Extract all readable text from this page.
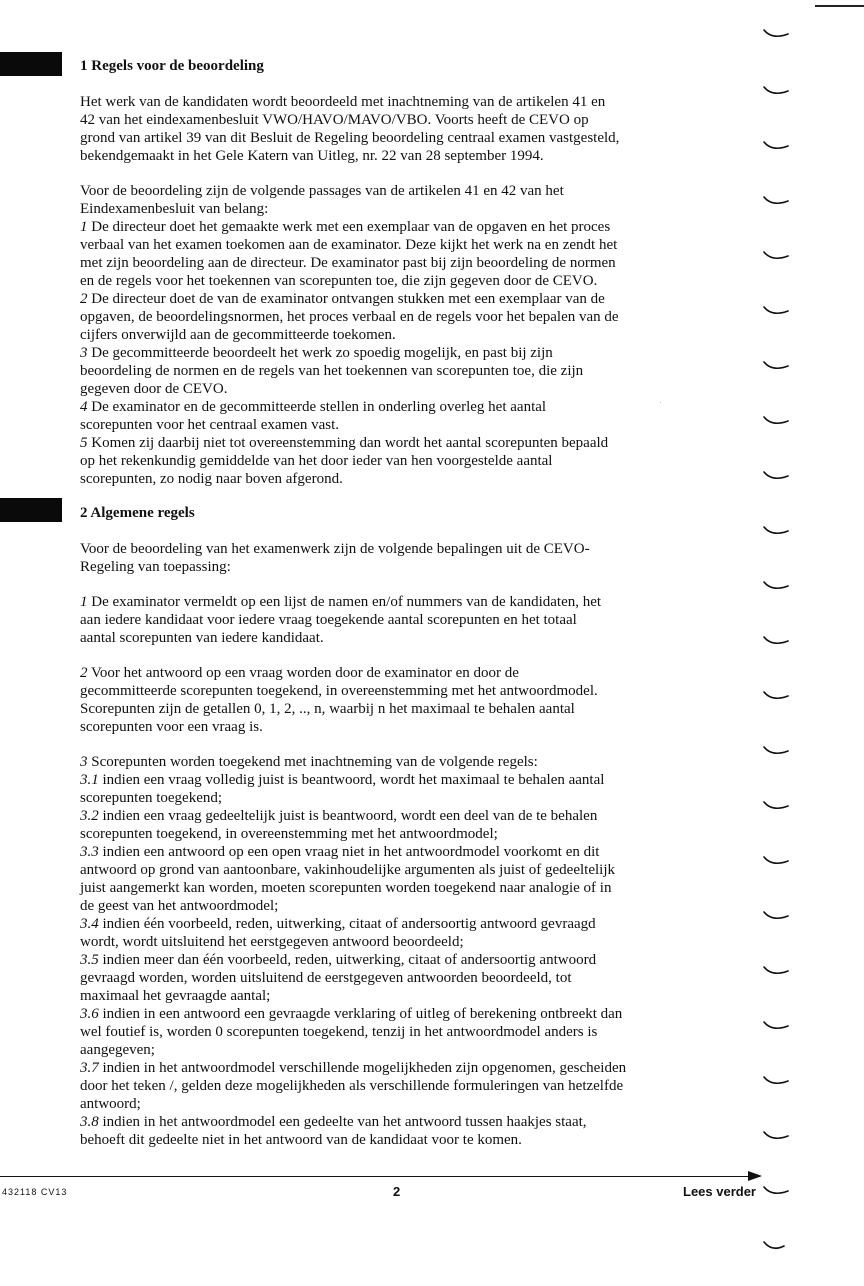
1 Regels voor de beoordeling

Het werk van de kandidaten wordt beoordeeld met inachtneming van de artikelen 41 en

42 van het eindexamenbesluit VWO/HAVO/MAVO/VBO. Voorts heeft de CEVO op

grond van artikel 39 van dit Besluit de Regeling beoordeling centraal examen vastgesteld,

bekendgemaakt in het Gele Katern van Uitleg, nr. 22 van 28 september 1994.

Voor de beoordeling zijn de volgende passages van de artikelen 41 en 42 van het

Eindexamenbesluit van belang:

1 De directeur doet het gemaakte werk met een exemplaar van de opgaven en het proces

verbaal van het examen toekomen aan de examinator. Deze kijkt het werk na en zendt het

met zijn beoordeling aan de directeur. De examinator past bij zijn beoordeling de normen

en de regels voor het toekennen van scorepunten toe, die zijn gegeven door de CEVO.

2 De directeur doet de van de examinator ontvangen stukken met een exemplaar van de

opgaven, de beoordelingsnormen, het proces verbaal en de regels voor het bepalen van de

cijfers onverwijld aan de gecommitteerde toekomen.

3 De gecommitteerde beoordeelt het werk zo spoedig mogelijk, en past bij zijn

beoordeling de normen en de regels van het toekennen van scorepunten toe, die zijn

gegeven door de CEVO.

4 De examinator en de gecommitteerde stellen in onderling overleg het aantal

scorepunten voor het centraal examen vast.

5 Komen zij daarbij niet tot overeenstemming dan wordt het aantal scorepunten bepaald

op het rekenkundig gemiddelde van het door ieder van hen voorgestelde aantal

scorepunten, zo nodig naar boven afgerond.

2 Algemene regels

Voor de beoordeling van het examenwerk zijn de volgende bepalingen uit de CEVO-

Regeling van toepassing:

1 De examinator vermeldt op een lijst de namen en/of nummers van de kandidaten, het

aan iedere kandidaat voor iedere vraag toegekende aantal scorepunten en het totaal

aantal scorepunten van iedere kandidaat.

2 Voor het antwoord op een vraag worden door de examinator en door de

gecommitteerde scorepunten toegekend, in overeenstemming met het antwoordmodel.

Scorepunten zijn de getallen 0, 1, 2, .., n, waarbij n het maximaal te behalen aantal

scorepunten voor een vraag is.

3 Scorepunten worden toegekend met inachtneming van de volgende regels:

3.1 indien een vraag volledig juist is beantwoord, wordt het maximaal te behalen aantal

scorepunten toegekend;

3.2 indien een vraag gedeeltelijk juist is beantwoord, wordt een deel van de te behalen

scorepunten toegekend, in overeenstemming met het antwoordmodel;

3.3 indien een antwoord op een open vraag niet in het antwoordmodel voorkomt en dit

antwoord op grond van aantoonbare, vakinhoudelijke argumenten als juist of gedeeltelijk

juist aangemerkt kan worden, moeten scorepunten worden toegekend naar analogie of in

de geest van het antwoordmodel;

3.4 indien één voorbeeld, reden, uitwerking, citaat of andersoortig antwoord gevraagd

wordt, wordt uitsluitend het eerstgegeven antwoord beoordeeld;

3.5 indien meer dan één voorbeeld, reden, uitwerking, citaat of andersoortig antwoord

gevraagd worden, worden uitsluitend de eerstgegeven antwoorden beoordeeld, tot

maximaal het gevraagde aantal;

3.6 indien in een antwoord een gevraagde verklaring of uitleg of berekening ontbreekt dan

wel foutief is, worden 0 scorepunten toegekend, tenzij in het antwoordmodel anders is

aangegeven;

3.7 indien in het antwoordmodel verschillende mogelijkheden zijn opgenomen, gescheiden

door het teken /, gelden deze mogelijkheden als verschillende formuleringen van hetzelfde

antwoord;

3.8 indien in het antwoordmodel een gedeelte van het antwoord tussen haakjes staat,

behoeft dit gedeelte niet in het antwoord van de kandidaat voor te komen.

432118 CV13	2	Lees verder
